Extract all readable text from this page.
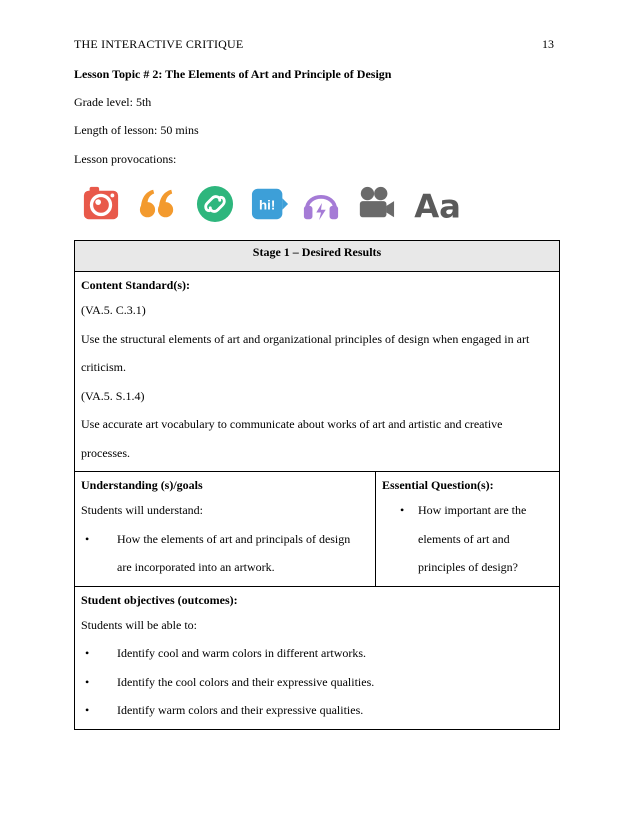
THE INTERACTIVE CRITIQUE	13
Lesson Topic # 2: The Elements of Art and Principle of Design
Grade level: 5th
Length of lesson: 50 mins
Lesson provocations:
hi!	Aa
Stage 1 – Desired Results

Content Standard(s):
(VA.5. C.3.1)
Use the structural elements of art and organizational principles of design when engaged in art
criticism.
(VA.5. S.1.4)
Use accurate art vocabulary to communicate about works of art and artistic and creative
processes.

Understanding (s)/goals
Students will understand:
• How the elements of art and principals of design
are incorporated into an artwork.

Essential Question(s):
• How important are the
elements of art and
principles of design?

Student objectives (outcomes):
Students will be able to:
• Identify cool and warm colors in different artworks.
• Identify the cool colors and their expressive qualities.
• Identify warm colors and their expressive qualities.
